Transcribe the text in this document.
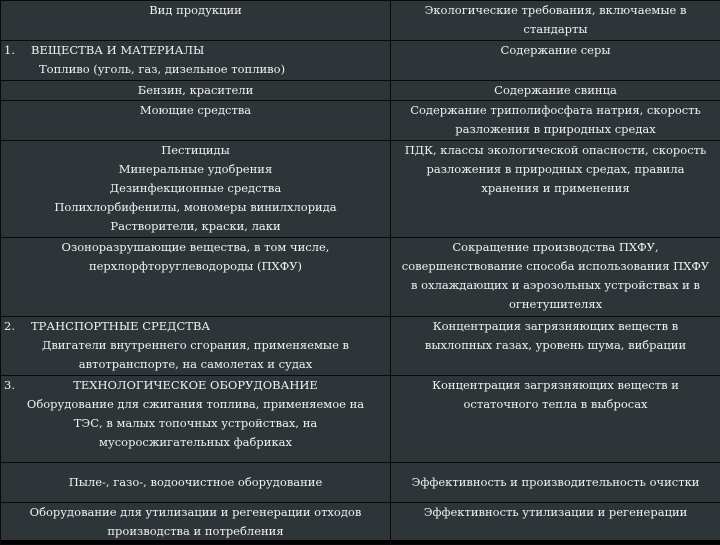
Вид продукции	Экологические требования, включаемые в
стандарты

1. ВЕЩЕСТВА И МАТЕРИАЛЫ
Топливо (уголь, газ, дизельное топливо)	Содержание серы

Бензин, красители	Содержание свинца

Моющие средства	Содержание триполифосфата натрия, скорость
разложения в природных средах

Пестициды
Минеральные удобрения
Дезинфекционные средства
Полихлорбифенилы, мономеры винилхлорида
Растворители, краски, лаки	ПДК, классы экологической опасности, скорость
разложения в природных средах, правила
хранения и применения

Озоноразрушающие вещества, в том числе,
перхлорфторуглеводороды (ПХФУ)	Сокращение производства ПХФУ,
совершенствование способа использования ПХФУ
в охлаждающих и аэрозольных устройствах и в
огнетушителях

2. ТРАНСПОРТНЫЕ СРЕДСТВА
Двигатели внутреннего сгорания, применяемые в
автотранспорте, на самолетах и судах	Концентрация загрязняющих веществ в
выхлопных газах, уровень шума, вибрации

3. ТЕХНОЛОГИЧЕСКОЕ ОБОРУДОВАНИЕ
Оборудование для сжигания топлива, применяемое на
ТЭС, в малых топочных устройствах, на
мусоросжигательных фабриках	Концентрация загрязняющих веществ и
остаточного тепла в выбросах

Пыле-, газо-, водоочистное оборудование	Эффективность и производительность очистки

Оборудование для утилизации и регенерации отходов
производства и потребления	Эффективность утилизации и регенерации
